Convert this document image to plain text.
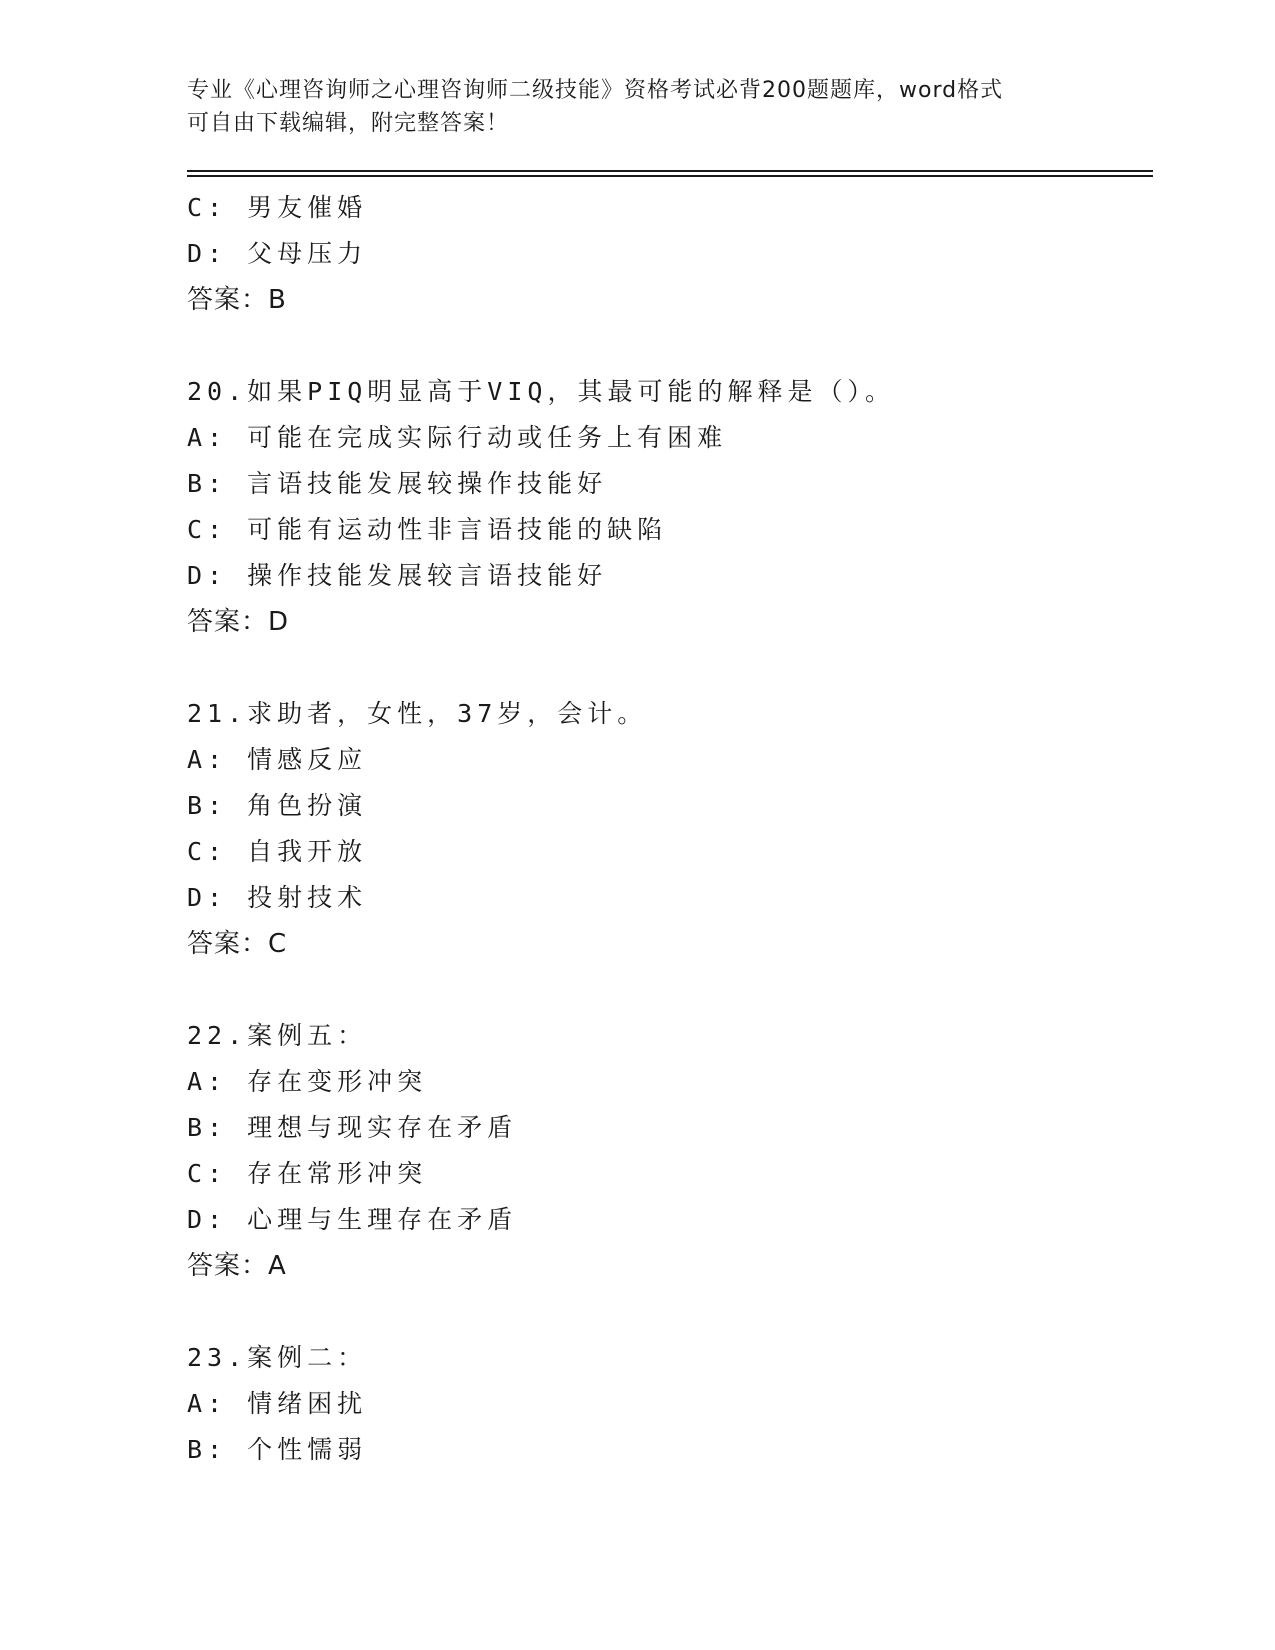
专业《心理咨询师之心理咨询师二级技能》资格考试必背200题题库，word格式
可自由下载编辑，附完整答案！
C: 男友催婚
D: 父母压力
答案：B
20.如果PIQ明显高于VIQ，其最可能的解释是（）。
A: 可能在完成实际行动或任务上有困难
B: 言语技能发展较操作技能好
C: 可能有运动性非言语技能的缺陷
D: 操作技能发展较言语技能好
答案：D
21.求助者，女性，37岁，会计。
A: 情感反应
B: 角色扮演
C: 自我开放
D: 投射技术
答案：C
22.案例五：
A: 存在变形冲突
B: 理想与现实存在矛盾
C: 存在常形冲突
D: 心理与生理存在矛盾
答案：A
23.案例二：
A: 情绪困扰
B: 个性懦弱
